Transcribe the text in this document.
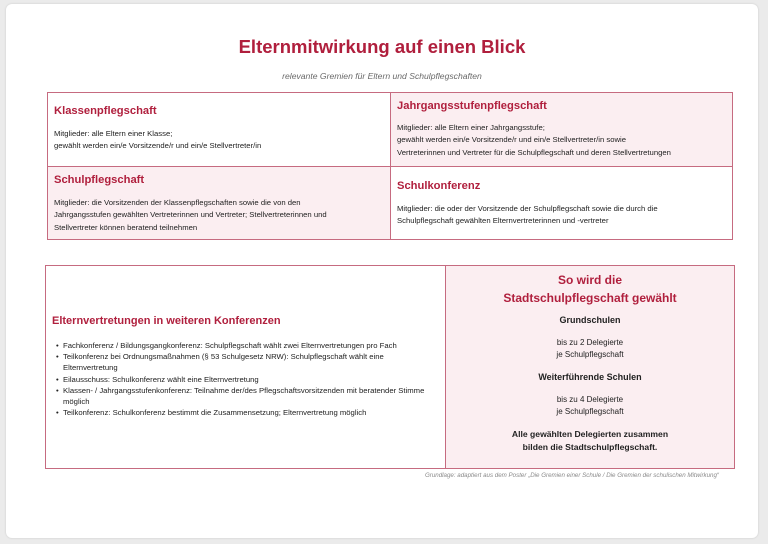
Elternmitwirkung auf einen Blick
relevante Gremien für Eltern und Schulpflegschaften
Klassenpflegschaft
Mitglieder: alle Eltern einer Klasse;
gewählt werden ein/e Vorsitzende/r und ein/e Stellvertreter/in
Jahrgangsstufenpflegschaft
Mitglieder: alle Eltern einer Jahrgangsstufe;
gewählt werden ein/e Vorsitzende/r und ein/e Stellvertreter/in sowie
Vertreterinnen und Vertreter für die Schulpflegschaft und deren Stellvertretungen
Schulpflegschaft
Mitglieder: die Vorsitzenden der Klassenpflegschaften sowie die von den
Jahrgangsstufen gewählten Vertreterinnen und Vertreter; Stellvertreterinnen und
Stellvertreter können beratend teilnehmen
Schulkonferenz
Mitglieder: die oder der Vorsitzende der Schulpflegschaft sowie die durch die
Schulpflegschaft gewählten Elternvertreterinnen und -vertreter
Elternvertretungen in weiteren Konferenzen
• Fachkonferenz / Bildungsgangkonferenz: Schulpflegschaft wählt zwei Elternvertretungen pro Fach
• Teilkonferenz bei Ordnungsmaßnahmen (§ 53 Schulgesetz NRW): Schulpflegschaft wählt eine Elternvertretung
• Eilausschuss: Schulkonferenz wählt eine Elternvertretung
• Klassen- / Jahrgangsstufenkonferenz: Teilnahme der/des Pflegschaftsvorsitzenden mit beratender Stimme möglich
• Teilkonferenz: Schulkonferenz bestimmt die Zusammensetzung; Elternvertretung möglich
So wird die
Stadtschulpflegschaft gewählt
Grundschulen
bis zu 2 Delegierte
je Schulpflegschaft
Weiterführende Schulen
bis zu 4 Delegierte
je Schulpflegschaft
Alle gewählten Delegierten zusammen
bilden die Stadtschulpflegschaft.
Grundlage: adaptiert aus dem Poster „Die Gremien einer Schule / Die Gremien der schulischen Mitwirkung“
